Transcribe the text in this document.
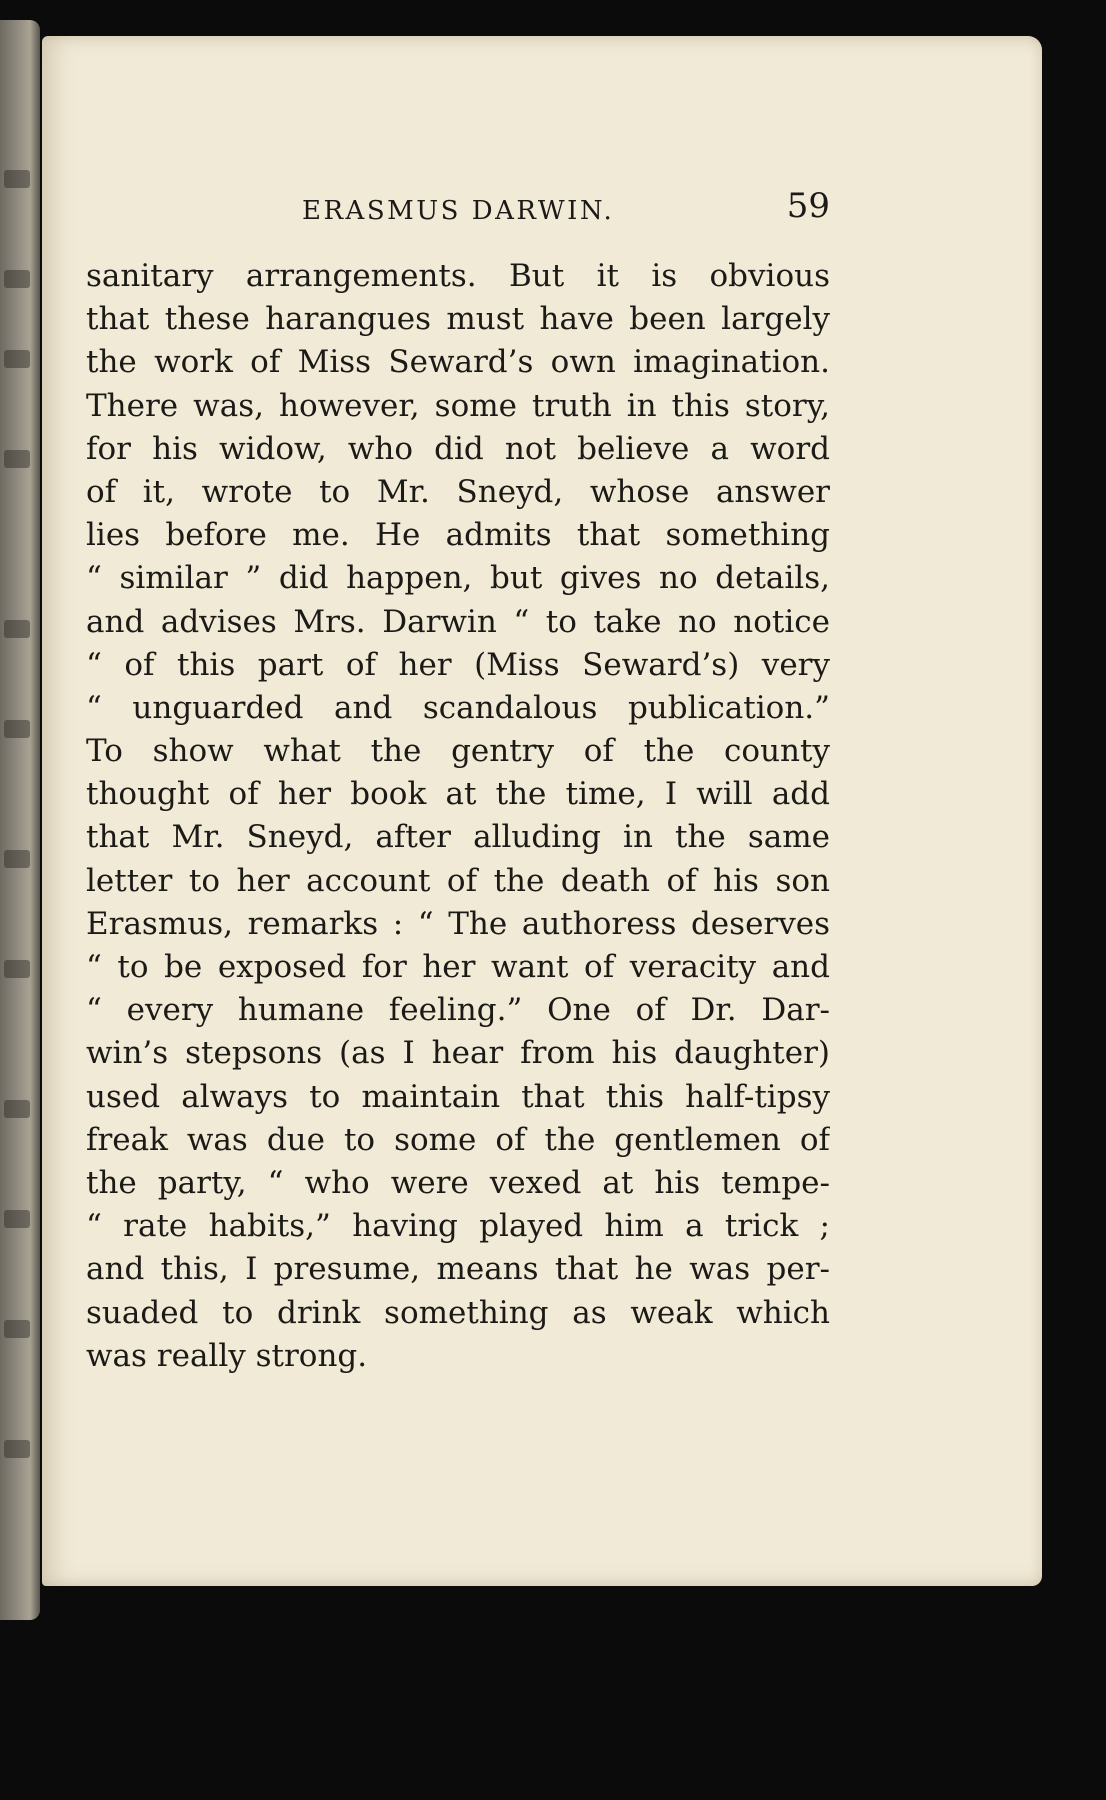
ERASMUS DARWIN.	59
sanitary arrangements. But it is obvious
that these harangues must have been largely
the work of Miss Seward’s own imagination.
There was, however, some truth in this story,
for his widow, who did not believe a word
of it, wrote to Mr. Sneyd, whose answer
lies before me. He admits that something
“ similar ” did happen, but gives no details,
and advises Mrs. Darwin “ to take no notice
“ of this part of her (Miss Seward’s) very
“ unguarded and scandalous publication.”
To show what the gentry of the county
thought of her book at the time, I will add
that Mr. Sneyd, after alluding in the same
letter to her account of the death of his son
Erasmus, remarks : “ The authoress deserves
“ to be exposed for her want of veracity and
“ every humane feeling.” One of Dr. Dar-
win’s stepsons (as I hear from his daughter)
used always to maintain that this half-tipsy
freak was due to some of the gentlemen of
the party, “ who were vexed at his tempe-
“ rate habits,” having played him a trick ;
and this, I presume, means that he was per-
suaded to drink something as weak which
was really strong.
